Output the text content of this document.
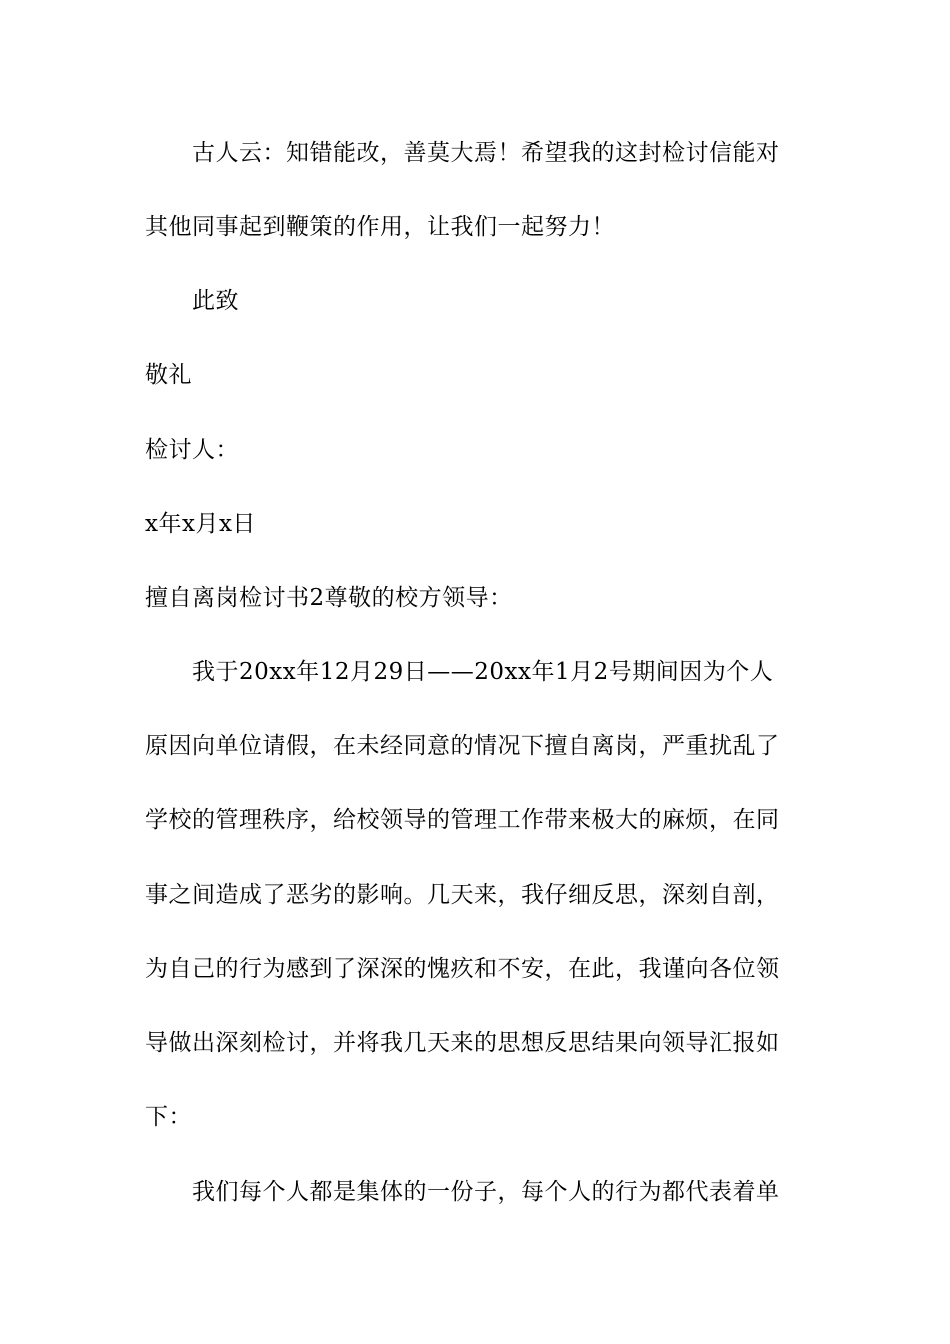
古人云：知错能改，善莫大焉！希望我的这封检讨信能对
其他同事起到鞭策的作用，让我们一起努力！
此致
敬礼
检讨人：
x年x月x日
擅自离岗检讨书2尊敬的校方领导：
我于20xx年12月29日——20xx年1月2号期间因为个人
原因向单位请假，在未经同意的情况下擅自离岗，严重扰乱了
学校的管理秩序，给校领导的管理工作带来极大的麻烦，在同
事之间造成了恶劣的影响。几天来，我仔细反思，深刻自剖，
为自己的行为感到了深深的愧疚和不安，在此，我谨向各位领
导做出深刻检讨，并将我几天来的思想反思结果向领导汇报如
下：
我们每个人都是集体的一份子，每个人的行为都代表着单
